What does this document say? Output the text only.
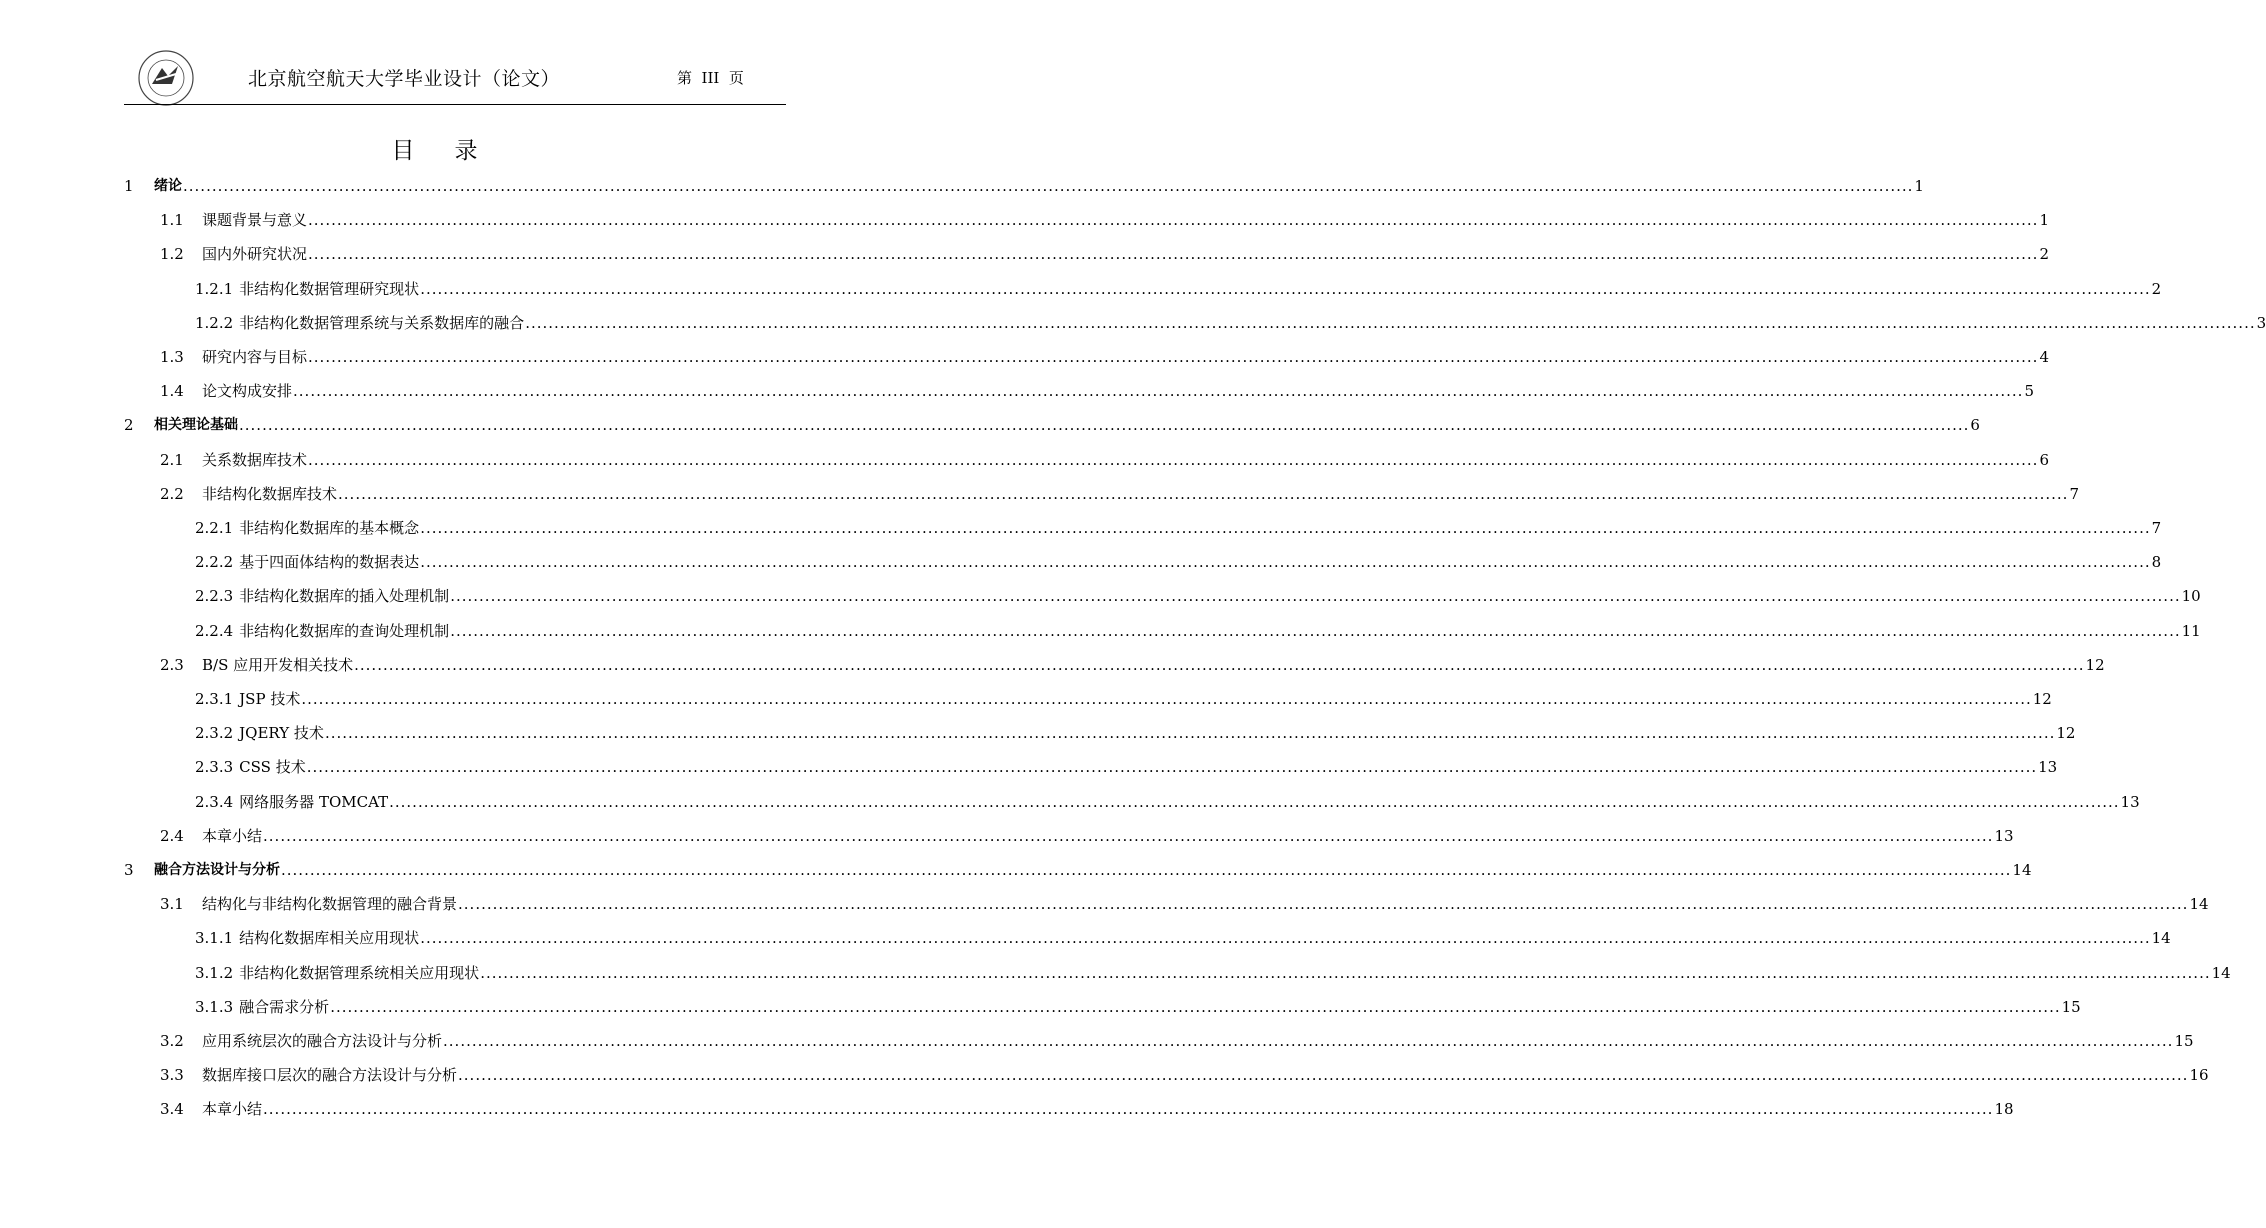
北京航空航天大学毕业设计（论文）	第  III  页
目录
1	绪论 ............................................................................................................................................................................................................................................................................................................ 1
1.1	课题背景与意义 ............................................................................................................................................................................................................................................................................................................ 1
1.2	国内外研究状况 ............................................................................................................................................................................................................................................................................................................ 2
1.2.1 非结构化数据管理研究现状 ............................................................................................................................................................................................................................................................................................................ 2
1.2.2 非结构化数据管理系统与关系数据库的融合 ............................................................................................................................................................................................................................................................................................................ 3
1.3	研究内容与目标 ............................................................................................................................................................................................................................................................................................................ 4
1.4	论文构成安排 ............................................................................................................................................................................................................................................................................................................ 5
2	相关理论基础 ............................................................................................................................................................................................................................................................................................................ 6
2.1	关系数据库技术 ............................................................................................................................................................................................................................................................................................................ 6
2.2	非结构化数据库技术 ............................................................................................................................................................................................................................................................................................................ 7
2.2.1 非结构化数据库的基本概念 ............................................................................................................................................................................................................................................................................................................ 7
2.2.2 基于四面体结构的数据表达 ............................................................................................................................................................................................................................................................................................................ 8
2.2.3 非结构化数据库的插入处理机制 ............................................................................................................................................................................................................................................................................................................ 10
2.2.4 非结构化数据库的查询处理机制 ............................................................................................................................................................................................................................................................................................................ 11
2.3	B/S 应用开发相关技术 ............................................................................................................................................................................................................................................................................................................ 12
2.3.1 JSP 技术 ............................................................................................................................................................................................................................................................................................................ 12
2.3.2 JQERY 技术 ............................................................................................................................................................................................................................................................................................................ 12
2.3.3 CSS 技术 ............................................................................................................................................................................................................................................................................................................ 13
2.3.4 网络服务器 TOMCAT ............................................................................................................................................................................................................................................................................................................ 13
2.4	本章小结 ............................................................................................................................................................................................................................................................................................................ 13
3	融合方法设计与分析 ............................................................................................................................................................................................................................................................................................................ 14
3.1	结构化与非结构化数据管理的融合背景 ............................................................................................................................................................................................................................................................................................................ 14
3.1.1 结构化数据库相关应用现状 ............................................................................................................................................................................................................................................................................................................ 14
3.1.2 非结构化数据管理系统相关应用现状 ............................................................................................................................................................................................................................................................................................................ 14
3.1.3 融合需求分析 ............................................................................................................................................................................................................................................................................................................ 15
3.2	应用系统层次的融合方法设计与分析 ............................................................................................................................................................................................................................................................................................................ 15
3.3	数据库接口层次的融合方法设计与分析 ............................................................................................................................................................................................................................................................................................................ 16
3.4	本章小结 ............................................................................................................................................................................................................................................................................................................ 18
